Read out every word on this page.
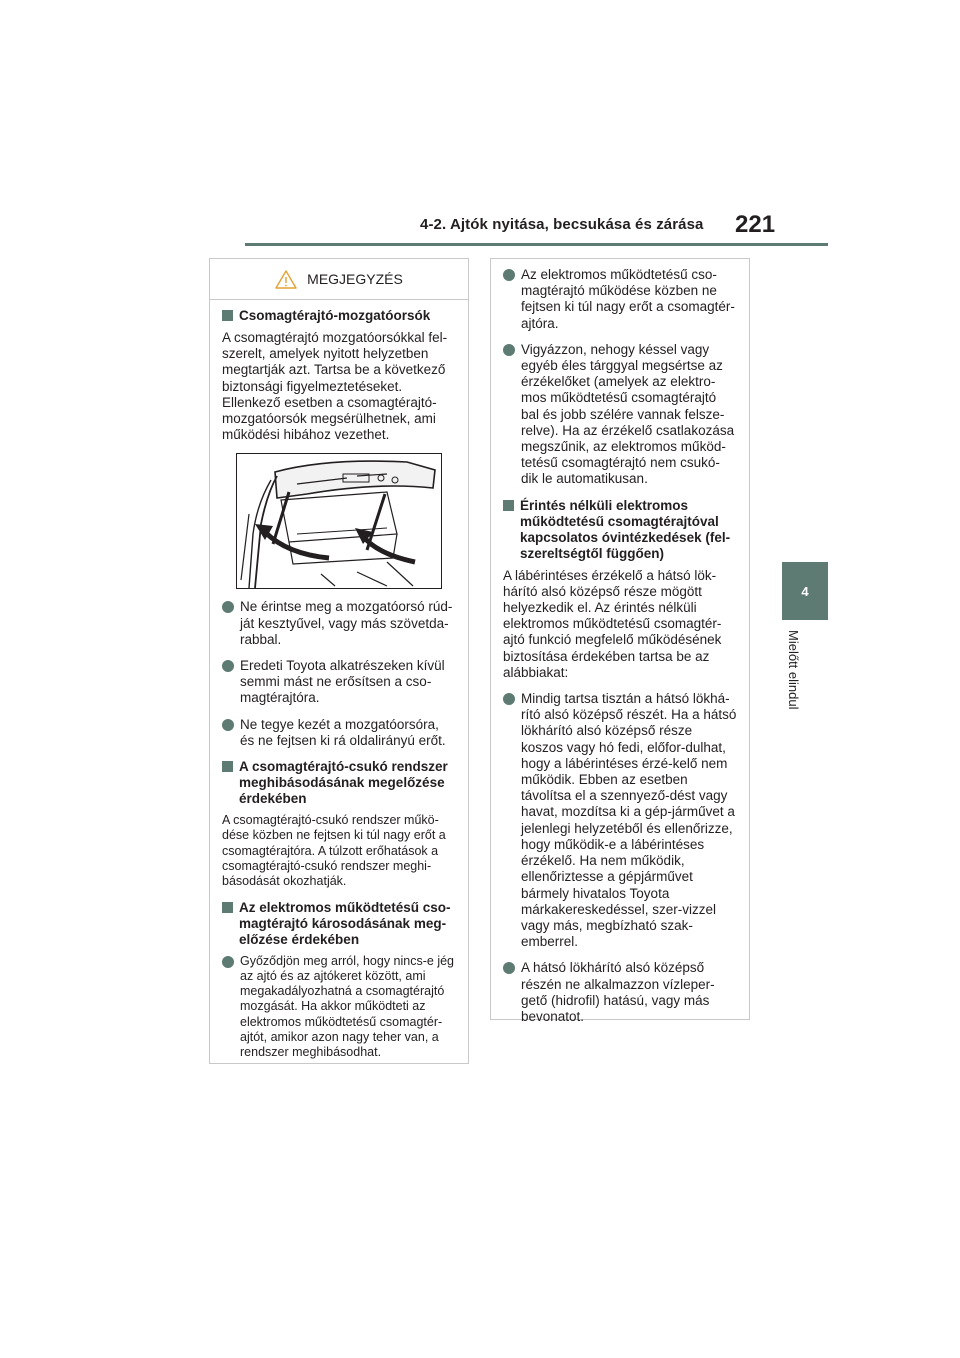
4-2. Ajtók nyitása, becsukása és zárása 221
4
Mielőtt elindul
MEGJEGYZÉS
Csomagtérajtó-mozgatóorsók
A csomagtérajtó mozgatóorsókkal fel-szerelt, amelyek nyitott helyzetben megtartják azt. Tartsa be a következő biztonsági figyelmeztetéseket. Ellenkező esetben a csomagtérajtó-mozgatóorsók megsérülhetnek, ami működési hibához vezethet.
Ne érintse meg a mozgatóorsó rúd-ját kesztyűvel, vagy más szövetda-rabbal.
Eredeti Toyota alkatrészeken kívül semmi mást ne erősítsen a cso-magtérajtóra.
Ne tegye kezét a mozgatóorsóra, és ne fejtsen ki rá oldalirányú erőt.
A csomagtérajtó-csukó rendszer meghibásodásának megelőzése érdekében
A csomagtérajtó-csukó rendszer műkö-dése közben ne fejtsen ki túl nagy erőt a csomagtérajtóra. A túlzott erőhatások a csomagtérajtó-csukó rendszer meghi-básodását okozhatják.
Az elektromos működtetésű cso-magtérajtó károsodásának meg-előzése érdekében
Győződjön meg arról, hogy nincs-e jég az ajtó és az ajtókeret között, ami megakadályozhatná a csomagtérajtó mozgását. Ha akkor működteti az elektromos működtetésű csomagtér-ajtót, amikor azon nagy teher van, a rendszer meghibásodhat.
Az elektromos működtetésű cso-magtérajtó működése közben ne fejtsen ki túl nagy erőt a csomagtér-ajtóra.
Vigyázzon, nehogy késsel vagy egyéb éles tárggyal megsértse az érzékelőket (amelyek az elektro-mos működtetésű csomagtérajtó bal és jobb szélére vannak felsze-relve). Ha az érzékelő csatlakozása megszűnik, az elektromos működ-tetésű csomagtérajtó nem csukó-dik le automatikusan.
Érintés nélküli elektromos működtetésű csomagtérajtóval kapcsolatos óvintézkedések (fel-szereltségtől függően)
A lábérintéses érzékelő a hátsó lök-hárító alsó középső része mögött helyezkedik el. Az érintés nélküli elektromos működtetésű csomagtér-ajtó funkció megfelelő működésének biztosítása érdekében tartsa be az alábbiakat:
Mindig tartsa tisztán a hátsó lökhá-rító alsó középső részét. Ha a hátsó lökhárító alsó középső része koszos vagy hó fedi, előfor-dulhat, hogy a lábérintéses érzé-kelő nem működik. Ebben az esetben távolítsa el a szennyező-dést vagy havat, mozdítsa ki a gép-járművet a jelenlegi helyzetéből és ellenőrizze, hogy működik-e a lábérintéses érzékelő. Ha nem működik, ellenőriztesse a gépjárművet bármely hivatalos Toyota márkakereskedéssel, szer-vizzel vagy más, megbízható szak-emberrel.
A hátsó lökhárító alsó középső részén ne alkalmazzon vízleper-gető (hidrofil) hatású, vagy más bevonatot.
